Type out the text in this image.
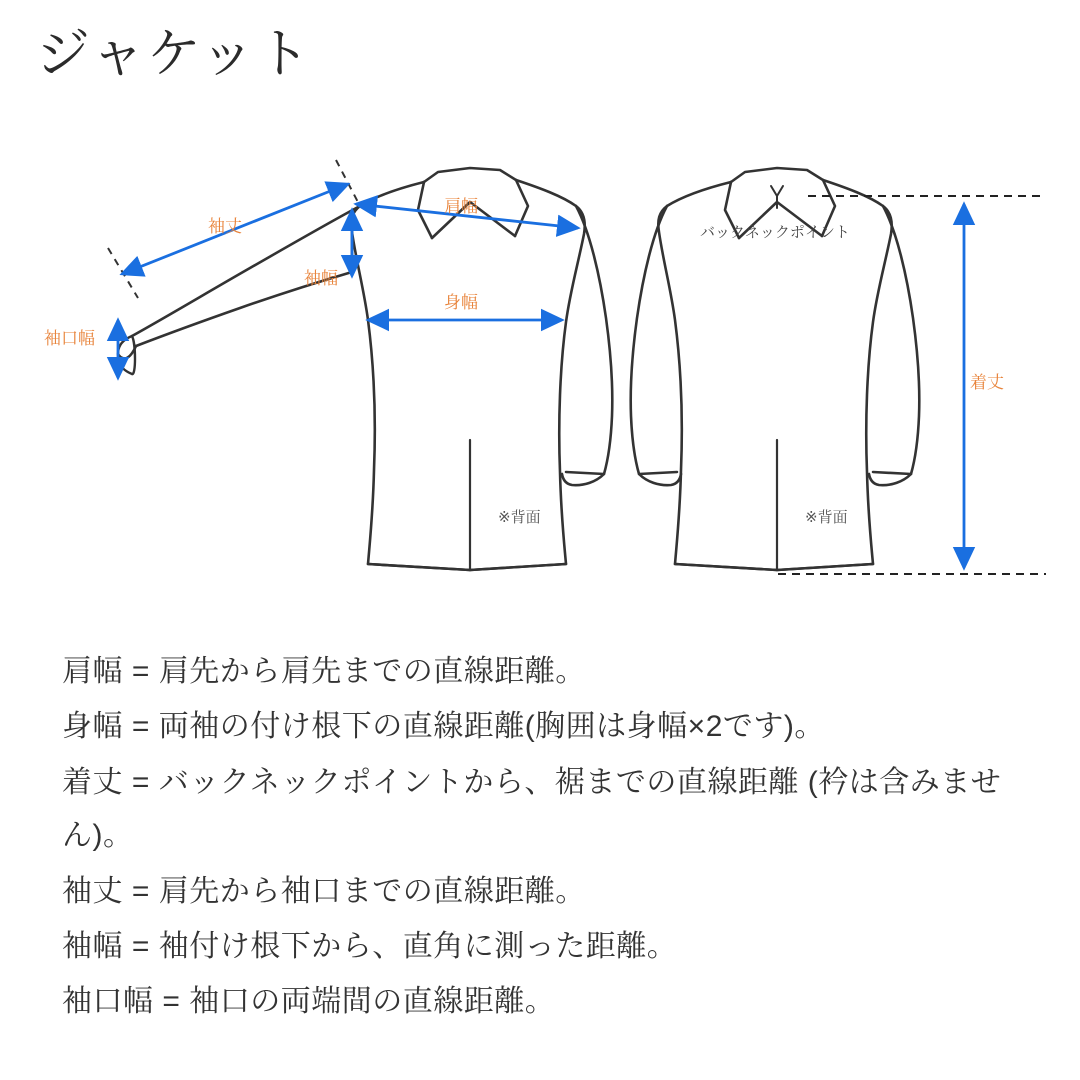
ジャケット
※背面
袖丈
袖口幅
肩幅
袖幅
身幅
バックネックポイント
※背面
着丈

肩幅 = 肩先から肩先までの直線距離。

身幅 = 両袖の付け根下の直線距離(胸囲は身幅×2です)。

着丈 = バックネックポイントから、裾までの直線距離 (衿は含みません)。

袖丈 = 肩先から袖口までの直線距離。

袖幅 = 袖付け根下から、直角に測った距離。

袖口幅 = 袖口の両端間の直線距離。
